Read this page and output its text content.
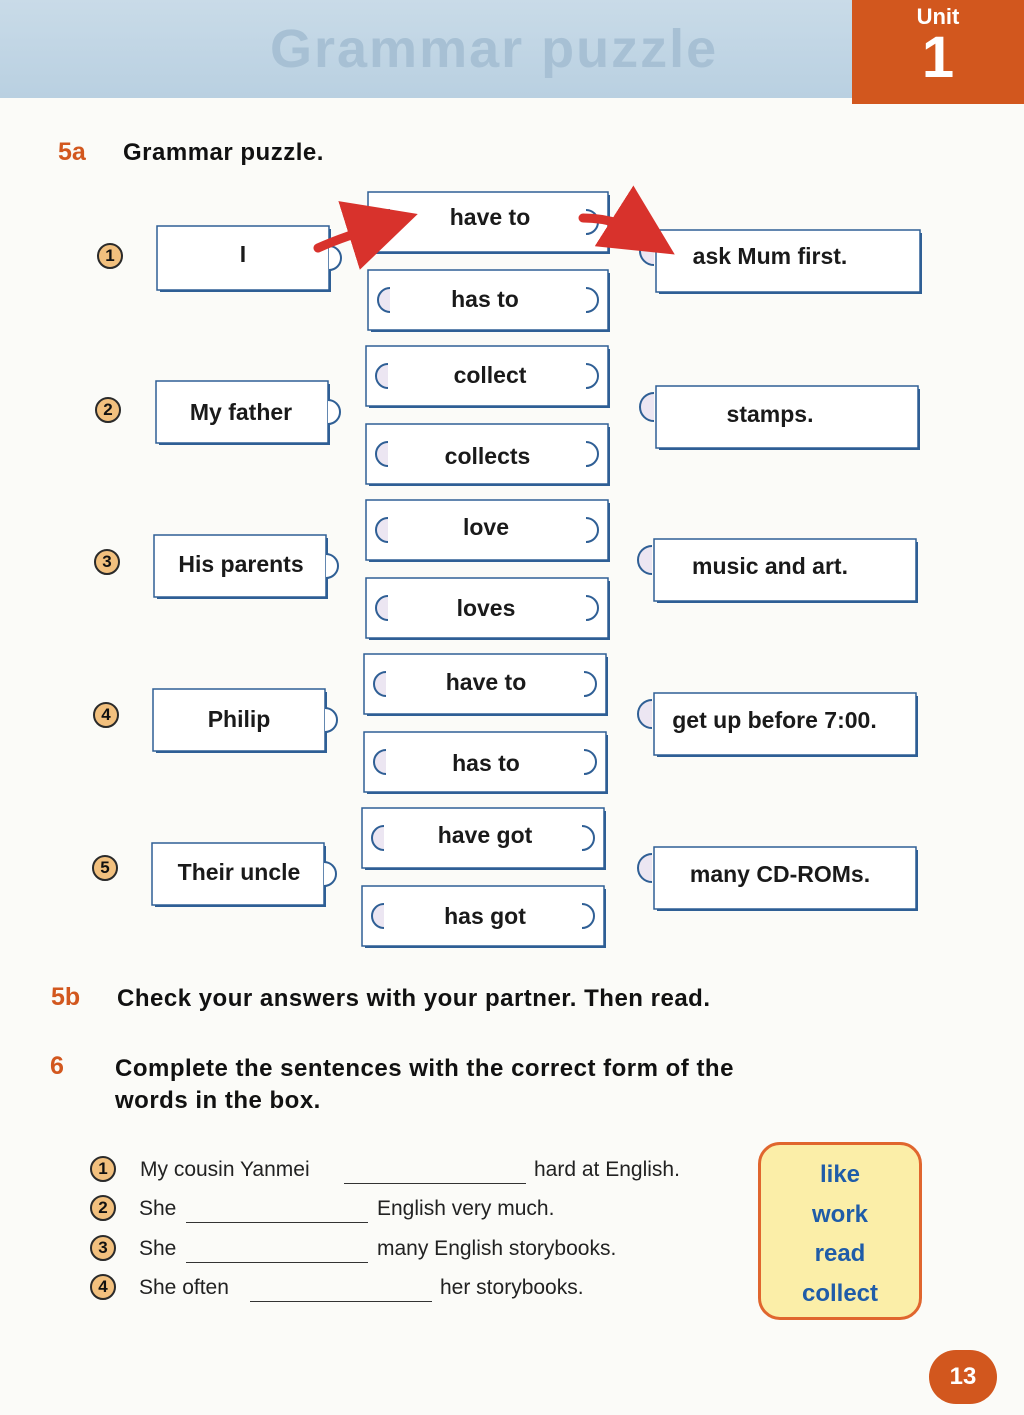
Grammar puzzle
Unit
1
5a Grammar puzzle.
1	I
have to
has to
ask Mum first.
2	My father
collect
collects
stamps.
3	His parents
love
loves
music and art.
4	Philip
have to
has to
get up before 7:00.
5	Their uncle
have got
has got
many CD-ROMs.
5b Check your answers with your partner. Then read.
6 Complete the sentences with the correct form of the
words in the box.
1	My cousin Yanmei	hard at English.
2	She	English very much.
3	She	many English storybooks.
4	She often	her storybooks.
like
work
read
collect
13
